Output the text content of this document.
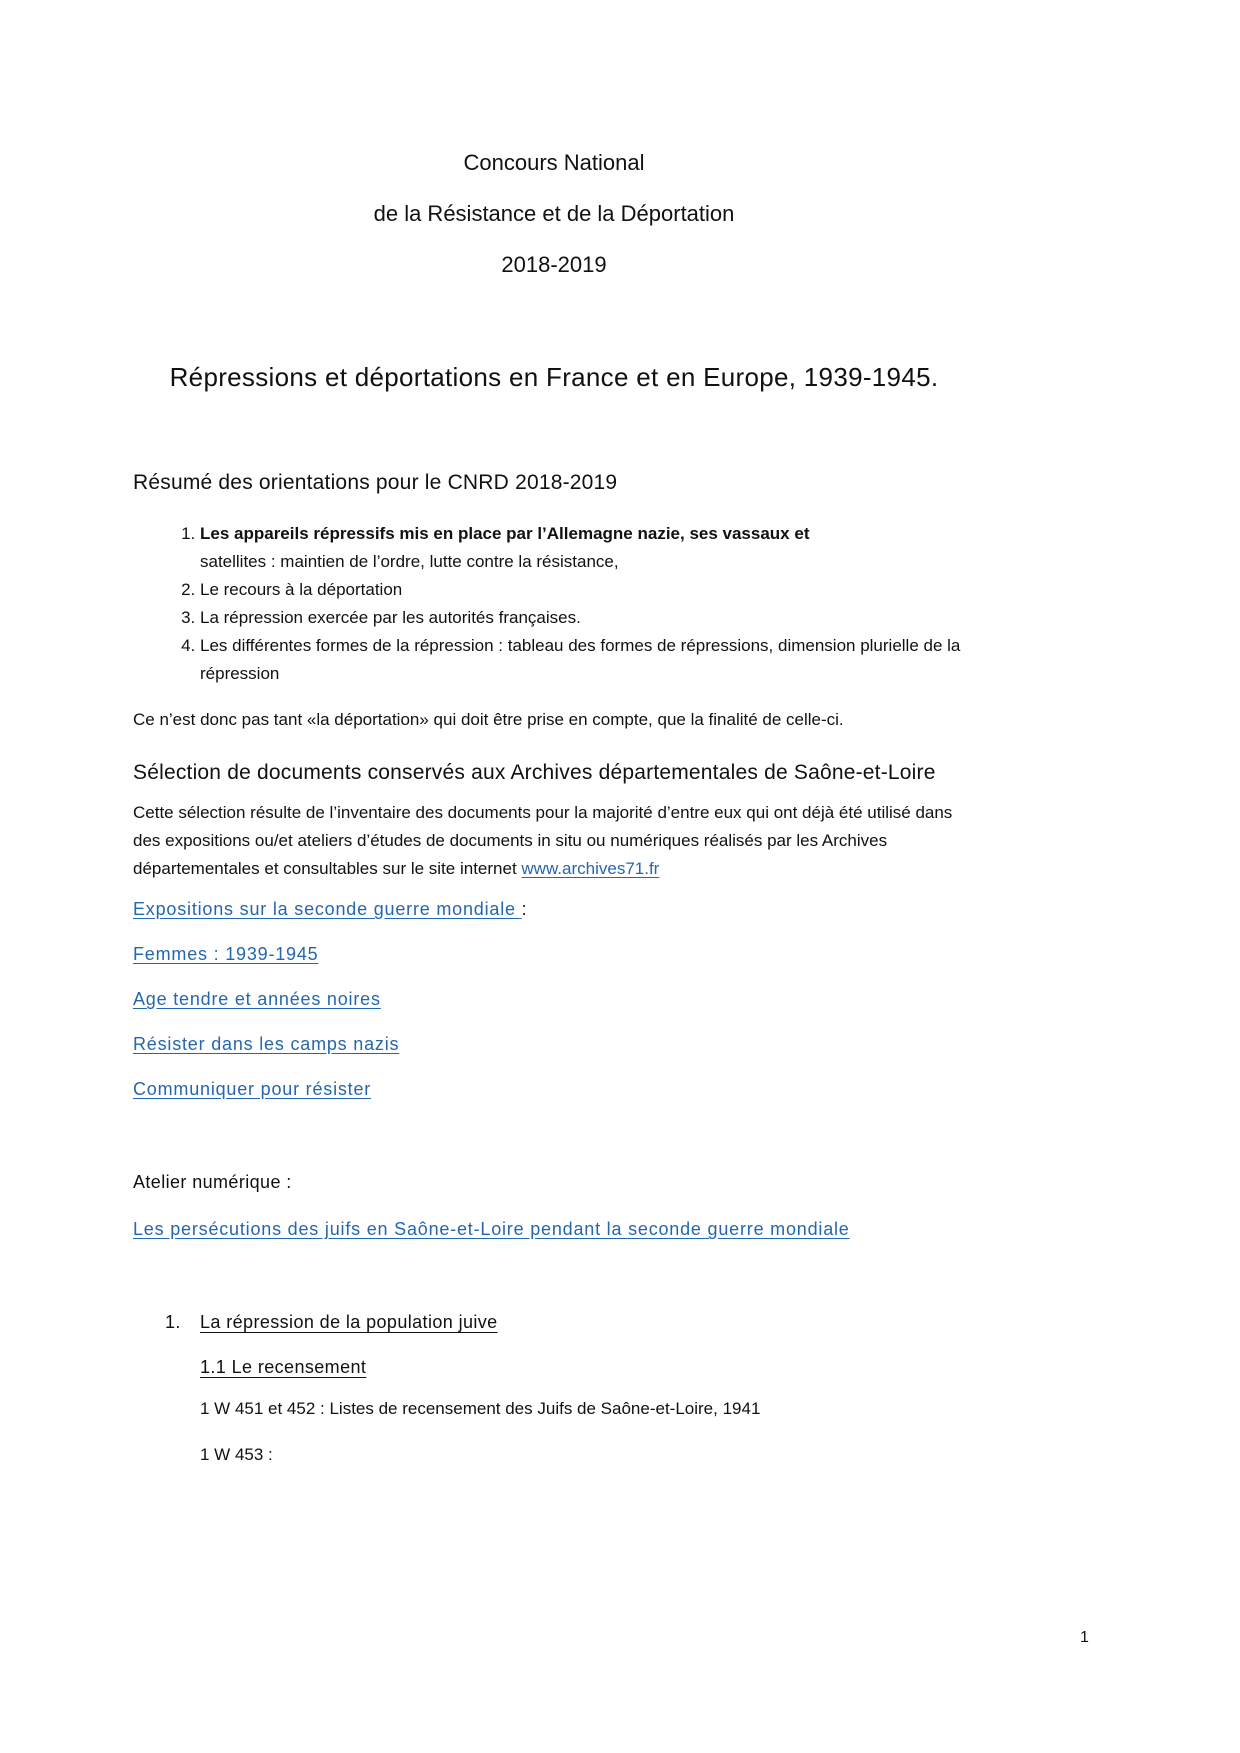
Concours National

de la Résistance et de la Déportation

2018-2019

Répressions et déportations en France et en Europe, 1939-1945.
Résumé des orientations pour le CNRD 2018-2019
1. Les appareils répressifs mis en place par l’Allemagne nazie, ses vassaux et
satellites : maintien de l’ordre, lutte contre la résistance,
2. Le recours à la déportation
3. La répression exercée par les autorités françaises.
4. Les différentes formes de la répression : tableau des formes de répressions, dimension plurielle de la répression

Ce n’est donc pas tant «la déportation» qui doit être prise en compte, que la finalité de celle-ci.

Sélection de documents conservés aux Archives départementales de Saône-et-Loire

Cette sélection résulte de l’inventaire des documents pour la majorité d’entre eux qui ont déjà été utilisé dans des expositions ou/et ateliers d’études de documents in situ ou numériques réalisés par les Archives départementales et consultables sur le site internet www.archives71.fr

Expositions sur la seconde guerre mondiale :

Femmes : 1939-1945

Age tendre et années noires

Résister dans les camps nazis

Communiquer pour résister

Atelier numérique :

Les persécutions des juifs en Saône-et-Loire pendant la seconde guerre mondiale

1. La répression de la population juive
1.1 Le recensement

1 W 451 et 452 : Listes de recensement des Juifs de Saône-et-Loire, 1941

1 W 453 :

1
